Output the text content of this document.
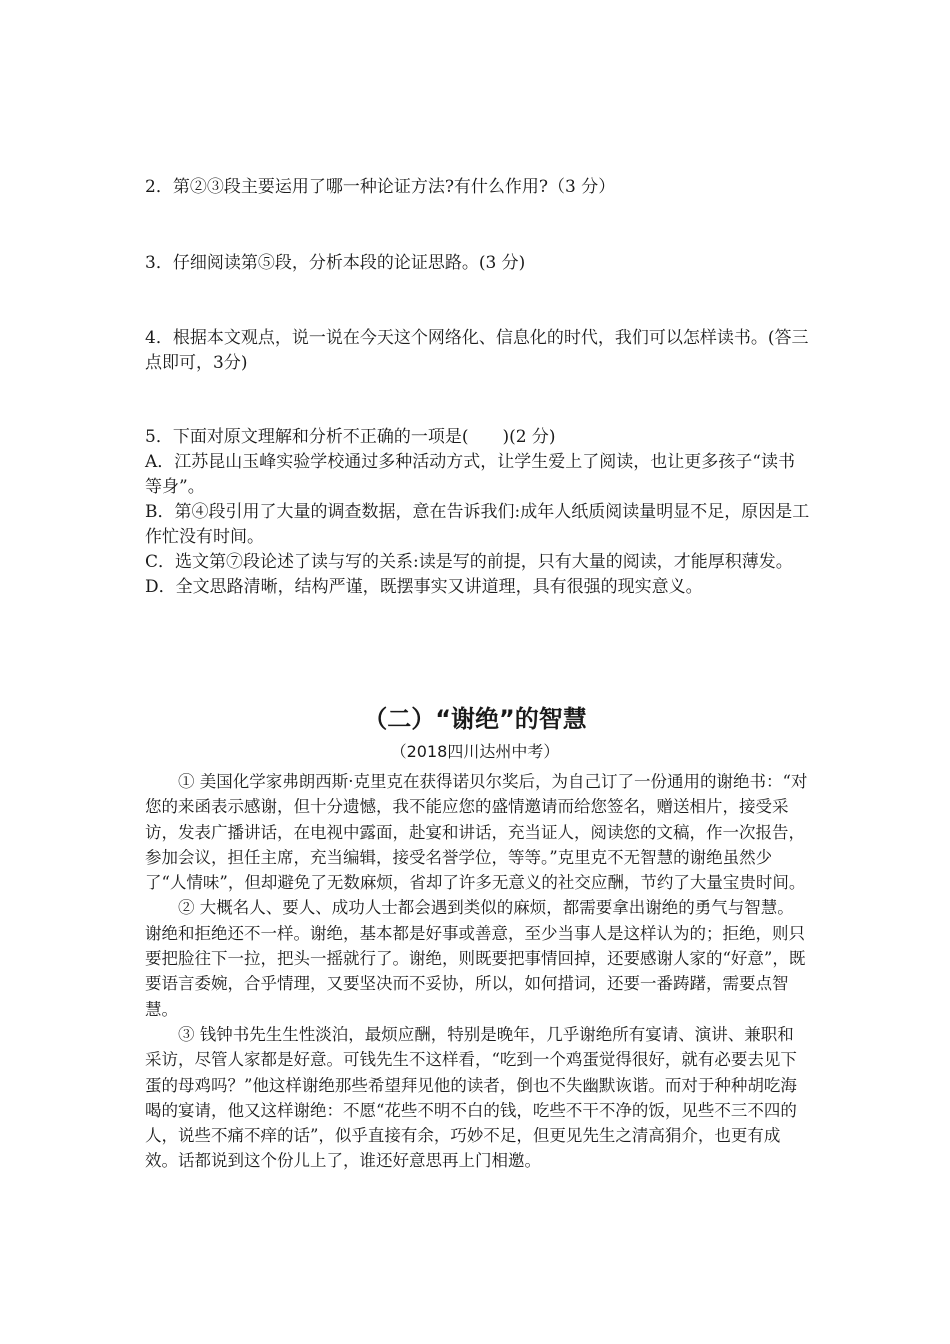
2．第②③段主要运用了哪一种论证方法?有什么作用?（3 分）

3．仔细阅读第⑤段，分析本段的论证思路。(3 分)

4．根据本文观点，说一说在今天这个网络化、信息化的时代，我们可以怎样读书。(答三点即可，3分)

5．下面对原文理解和分析不正确的一项是(　　)(2 分)

A．江苏昆山玉峰实验学校通过多种活动方式，让学生爱上了阅读，也让更多孩子“读书等身”。

B．第④段引用了大量的调查数据，意在告诉我们:成年人纸质阅读量明显不足，原因是工作忙没有时间。

C．选文第⑦段论述了读与写的关系:读是写的前提，只有大量的阅读，才能厚积薄发。

D．全文思路清晰，结构严谨，既摆事实又讲道理，具有很强的现实意义。

（二）“谢绝”的智慧
（2018四川达州中考）

① 美国化学家弗朗西斯·克里克在获得诺贝尔奖后，为自己订了一份通用的谢绝书：“对您的来函表示感谢，但十分遗憾，我不能应您的盛情邀请而给您签名，赠送相片，接受采访，发表广播讲话，在电视中露面，赴宴和讲话，充当证人，阅读您的文稿，作一次报告，参加会议，担任主席，充当编辑，接受名誉学位，等等。”克里克不无智慧的谢绝虽然少了“人情味”，但却避免了无数麻烦，省却了许多无意义的社交应酬，节约了大量宝贵时间。

② 大概名人、要人、成功人士都会遇到类似的麻烦，都需要拿出谢绝的勇气与智慧。谢绝和拒绝还不一样。谢绝，基本都是好事或善意，至少当事人是这样认为的；拒绝，则只要把脸往下一拉，把头一摇就行了。谢绝，则既要把事情回掉，还要感谢人家的“好意”，既要语言委婉，合乎情理，又要坚决而不妥协，所以，如何措词，还要一番踌躇，需要点智慧。

③ 钱钟书先生生性淡泊，最烦应酬，特别是晚年，几乎谢绝所有宴请、演讲、兼职和采访，尽管人家都是好意。可钱先生不这样看，“吃到一个鸡蛋觉得很好，就有必要去见下蛋的母鸡吗？”他这样谢绝那些希望拜见他的读者，倒也不失幽默诙谐。而对于种种胡吃海喝的宴请，他又这样谢绝：不愿“花些不明不白的钱，吃些不干不净的饭，见些不三不四的人，说些不痛不痒的话”，似乎直接有余，巧妙不足，但更见先生之清高狷介，也更有成效。话都说到这个份儿上了，谁还好意思再上门相邀。
